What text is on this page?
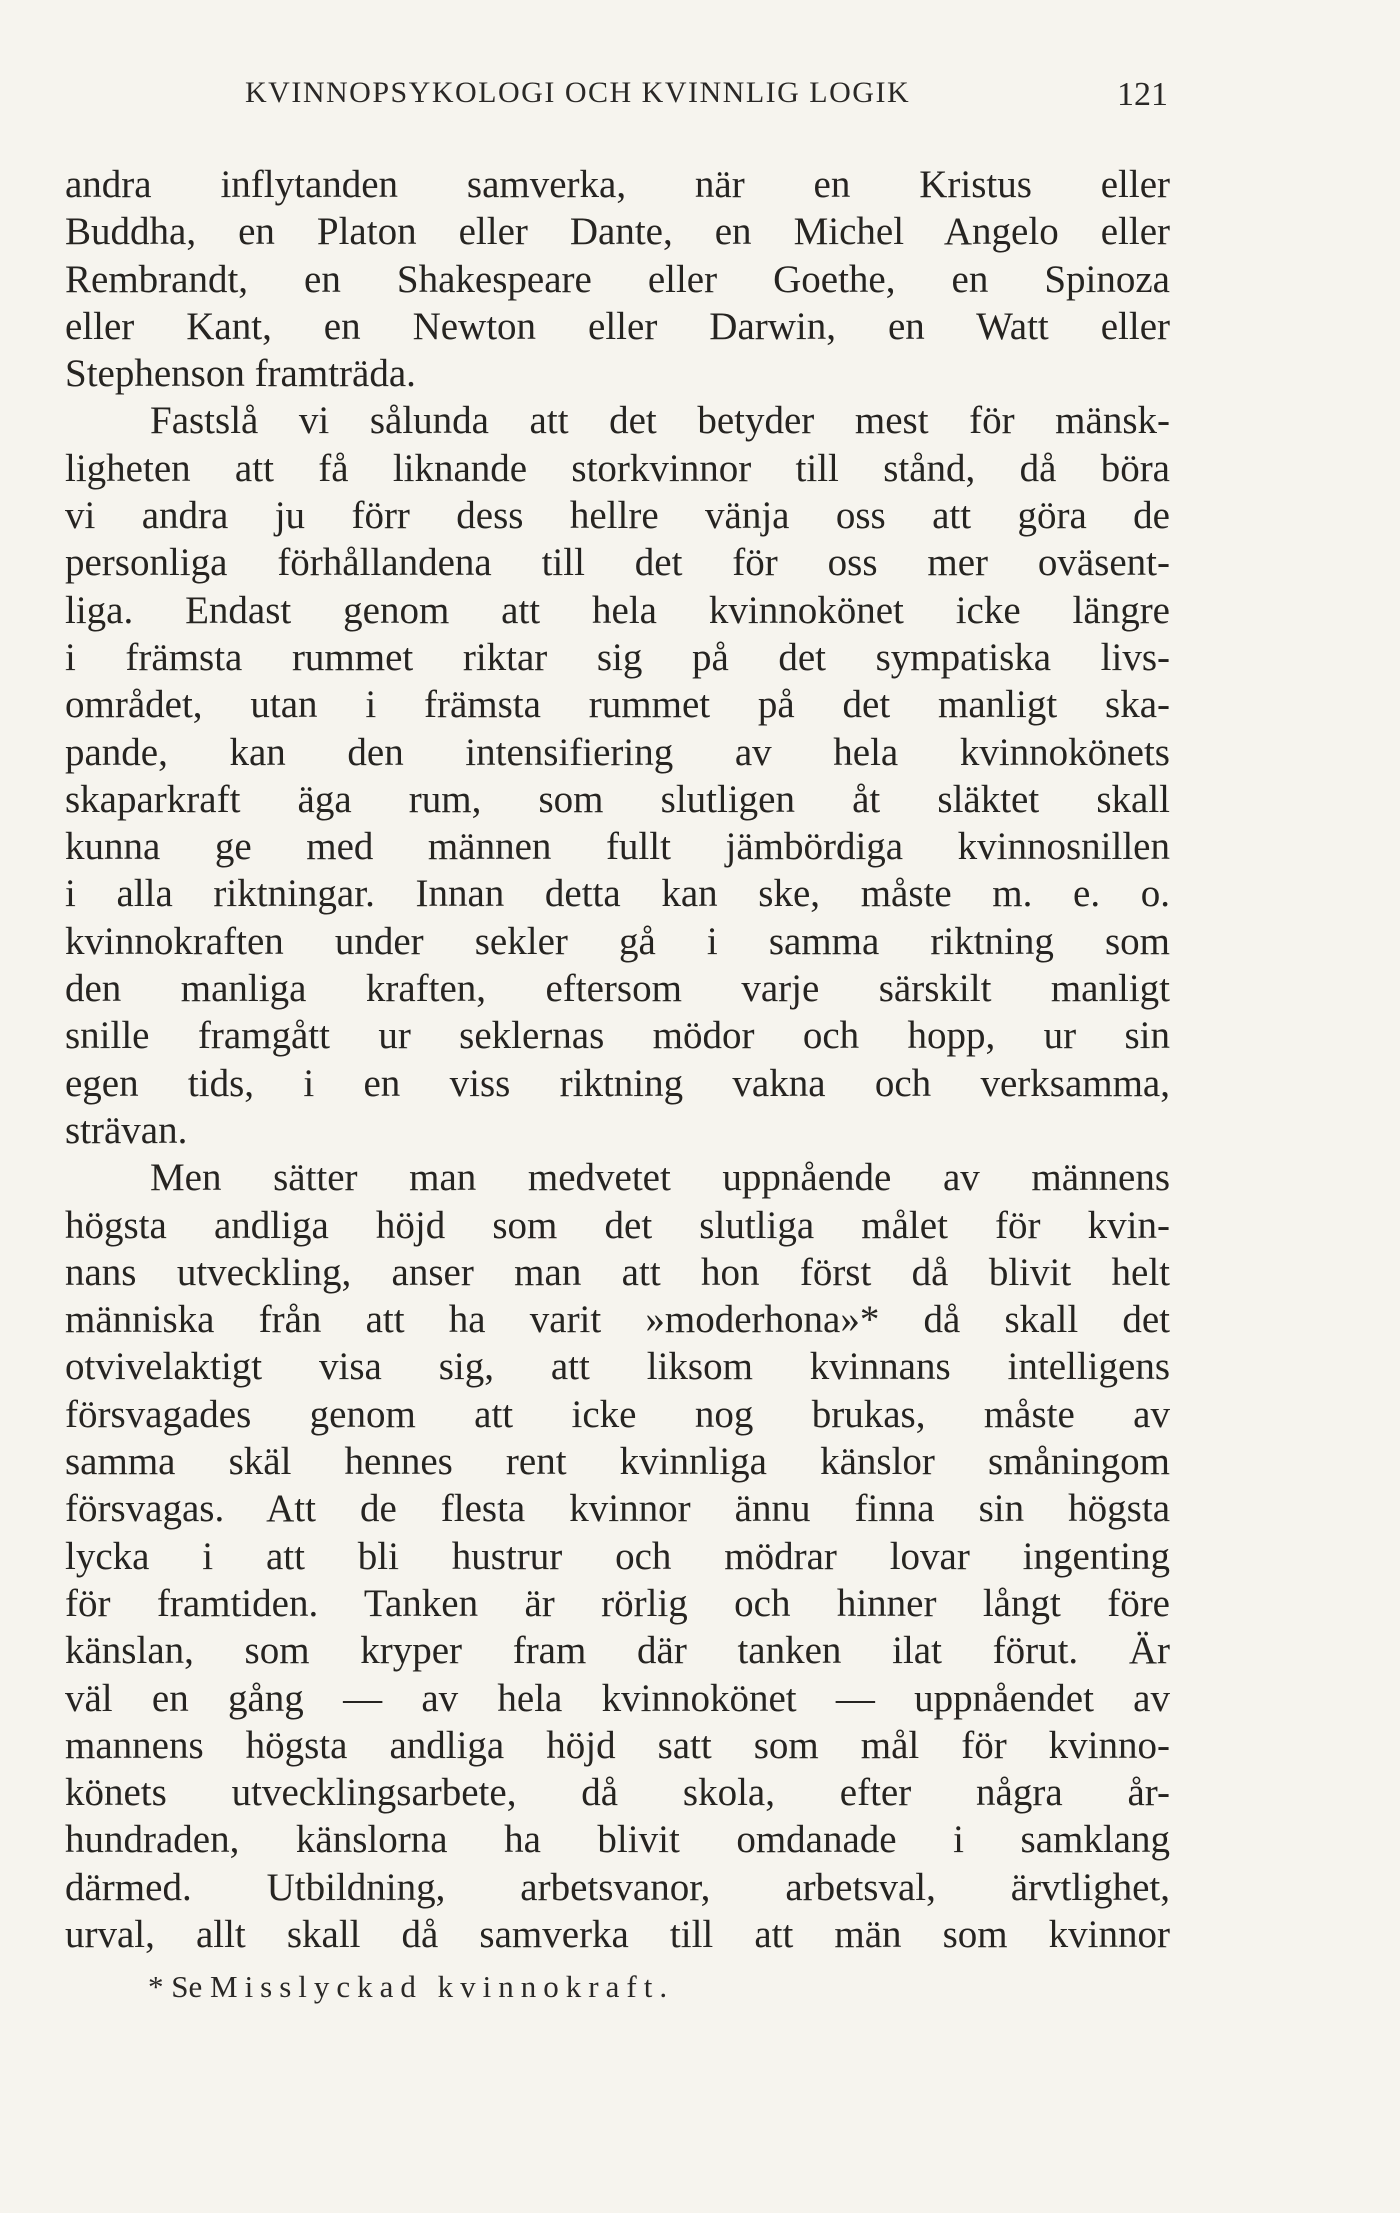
KVINNOPSYKOLOGI OCH KVINNLIG LOGIK	121
andra inflytanden samverka, när en Kristus eller
Buddha, en Platon eller Dante, en Michel Angelo eller
Rembrandt, en Shakespeare eller Goethe, en Spinoza
eller Kant, en Newton eller Darwin, en Watt eller
Stephenson framträda.
Fastslå vi sålunda att det betyder mest för mänsk-
ligheten att få liknande storkvinnor till stånd, då böra
vi andra ju förr dess hellre vänja oss att göra de
personliga förhållandena till det för oss mer oväsent-
liga. Endast genom att hela kvinnokönet icke längre
i främsta rummet riktar sig på det sympatiska livs-
området, utan i främsta rummet på det manligt ska-
pande, kan den intensifiering av hela kvinnokönets
skaparkraft äga rum, som slutligen åt släktet skall
kunna ge med männen fullt jämbördiga kvinnosnillen
i alla riktningar. Innan detta kan ske, måste m. e. o.
kvinnokraften under sekler gå i samma riktning som
den manliga kraften, eftersom varje särskilt manligt
snille framgått ur seklernas mödor och hopp, ur sin
egen tids, i en viss riktning vakna och verksamma,
strävan.
Men sätter man medvetet uppnående av männens
högsta andliga höjd som det slutliga målet för kvin-
nans utveckling, anser man att hon först då blivit helt
människa från att ha varit »moderhona»* då skall det
otvivelaktigt visa sig, att liksom kvinnans intelligens
försvagades genom att icke nog brukas, måste av
samma skäl hennes rent kvinnliga känslor småningom
försvagas. Att de flesta kvinnor ännu finna sin högsta
lycka i att bli hustrur och mödrar lovar ingenting
för framtiden. Tanken är rörlig och hinner långt före
känslan, som kryper fram där tanken ilat förut. Är
väl en gång — av hela kvinnokönet — uppnåendet av
mannens högsta andliga höjd satt som mål för kvinno-
könets utvecklingsarbete, då skola, efter några år-
hundraden, känslorna ha blivit omdanade i samklang
därmed. Utbildning, arbetsvanor, arbetsval, ärvtlighet,
urval, allt skall då samverka till att män som kvinnor
* Se Misslyckad kvinnokraft.
